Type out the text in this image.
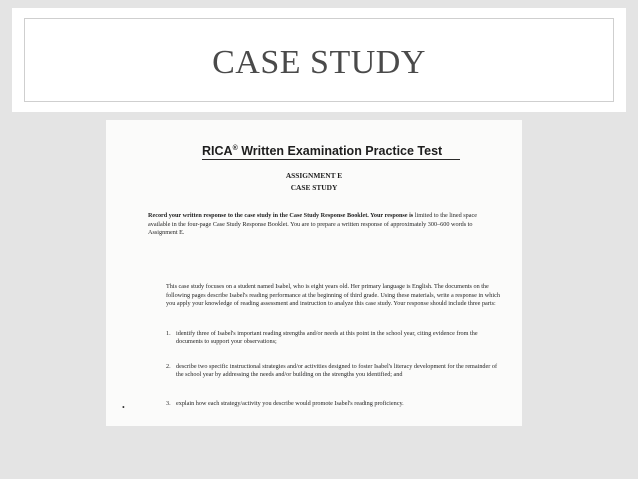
CASE STUDY
RICA® Written Examination Practice Test
ASSIGNMENT E
CASE STUDY
Record your written response to the case study in the Case Study Response Booklet. Your response is limited to the lined space available in the four-page Case Study Response Booklet. You are to prepare a written response of approximately 300–600 words to Assignment E.
This case study focuses on a student named Isabel, who is eight years old. Her primary language is English. The documents on the following pages describe Isabel's reading performance at the beginning of third grade. Using these materials, write a response in which you apply your knowledge of reading assessment and instruction to analyze this case study. Your response should include three parts:
1. identify three of Isabel's important reading strengths and/or needs at this point in the school year, citing evidence from the documents to support your observations;
2. describe two specific instructional strategies and/or activities designed to foster Isabel's literacy development for the remainder of the school year by addressing the needs and/or building on the strengths you identified; and
3. explain how each strategy/activity you describe would promote Isabel's reading proficiency.
•
